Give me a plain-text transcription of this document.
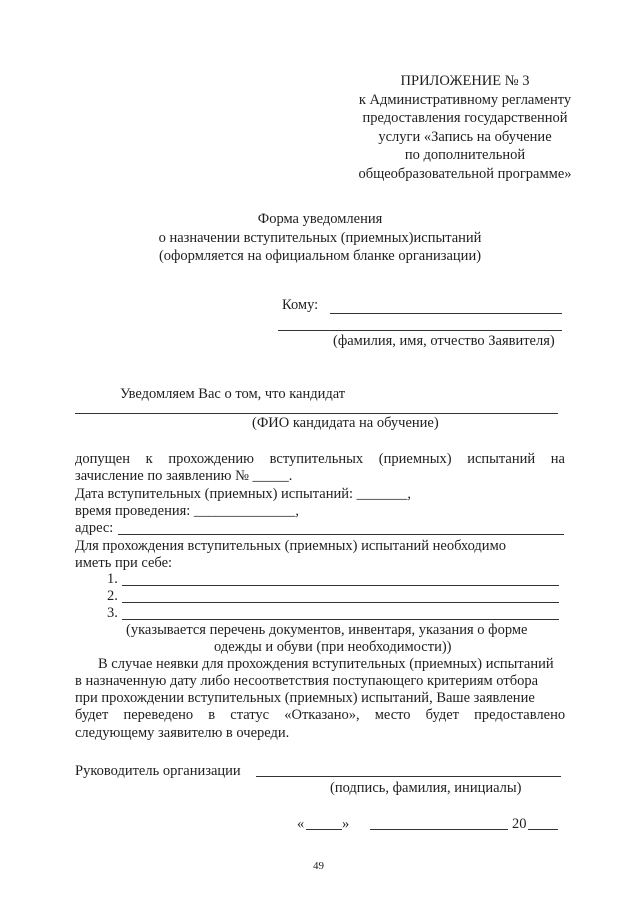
ПРИЛОЖЕНИЕ № 3
к Административному регламенту
предоставления государственной
услуги «Запись на обучение
по дополнительной
общеобразовательной программе»
Форма уведомления
о назначении вступительных (приемных)испытаний
(оформляется на официальном бланке организации)
Кому:
(фамилия, имя, отчество Заявителя)
Уведомляем Вас о том, что кандидат
(ФИО кандидата на обучение)
допущен к прохождению вступительных (приемных) испытаний на
зачисление по заявлению № _____.
Дата вступительных (приемных) испытаний: _______,
время проведения: ______________,
адрес:
Для прохождения вступительных (приемных) испытаний необходимо
иметь при себе:
1.
2.
3.
(указывается перечень документов, инвентаря, указания о форме
одежды и обуви (при необходимости))
В случае неявки для прохождения вступительных (приемных) испытаний
в назначенную дату либо несоответствия поступающего критериям отбора
при прохождении вступительных (приемных) испытаний, Ваше заявление
будет переведено в статус «Отказано», место будет предоставлено
следующему заявителю в очереди.
Руководитель организации
(подпись, фамилия, инициалы)
«	»	20
49
